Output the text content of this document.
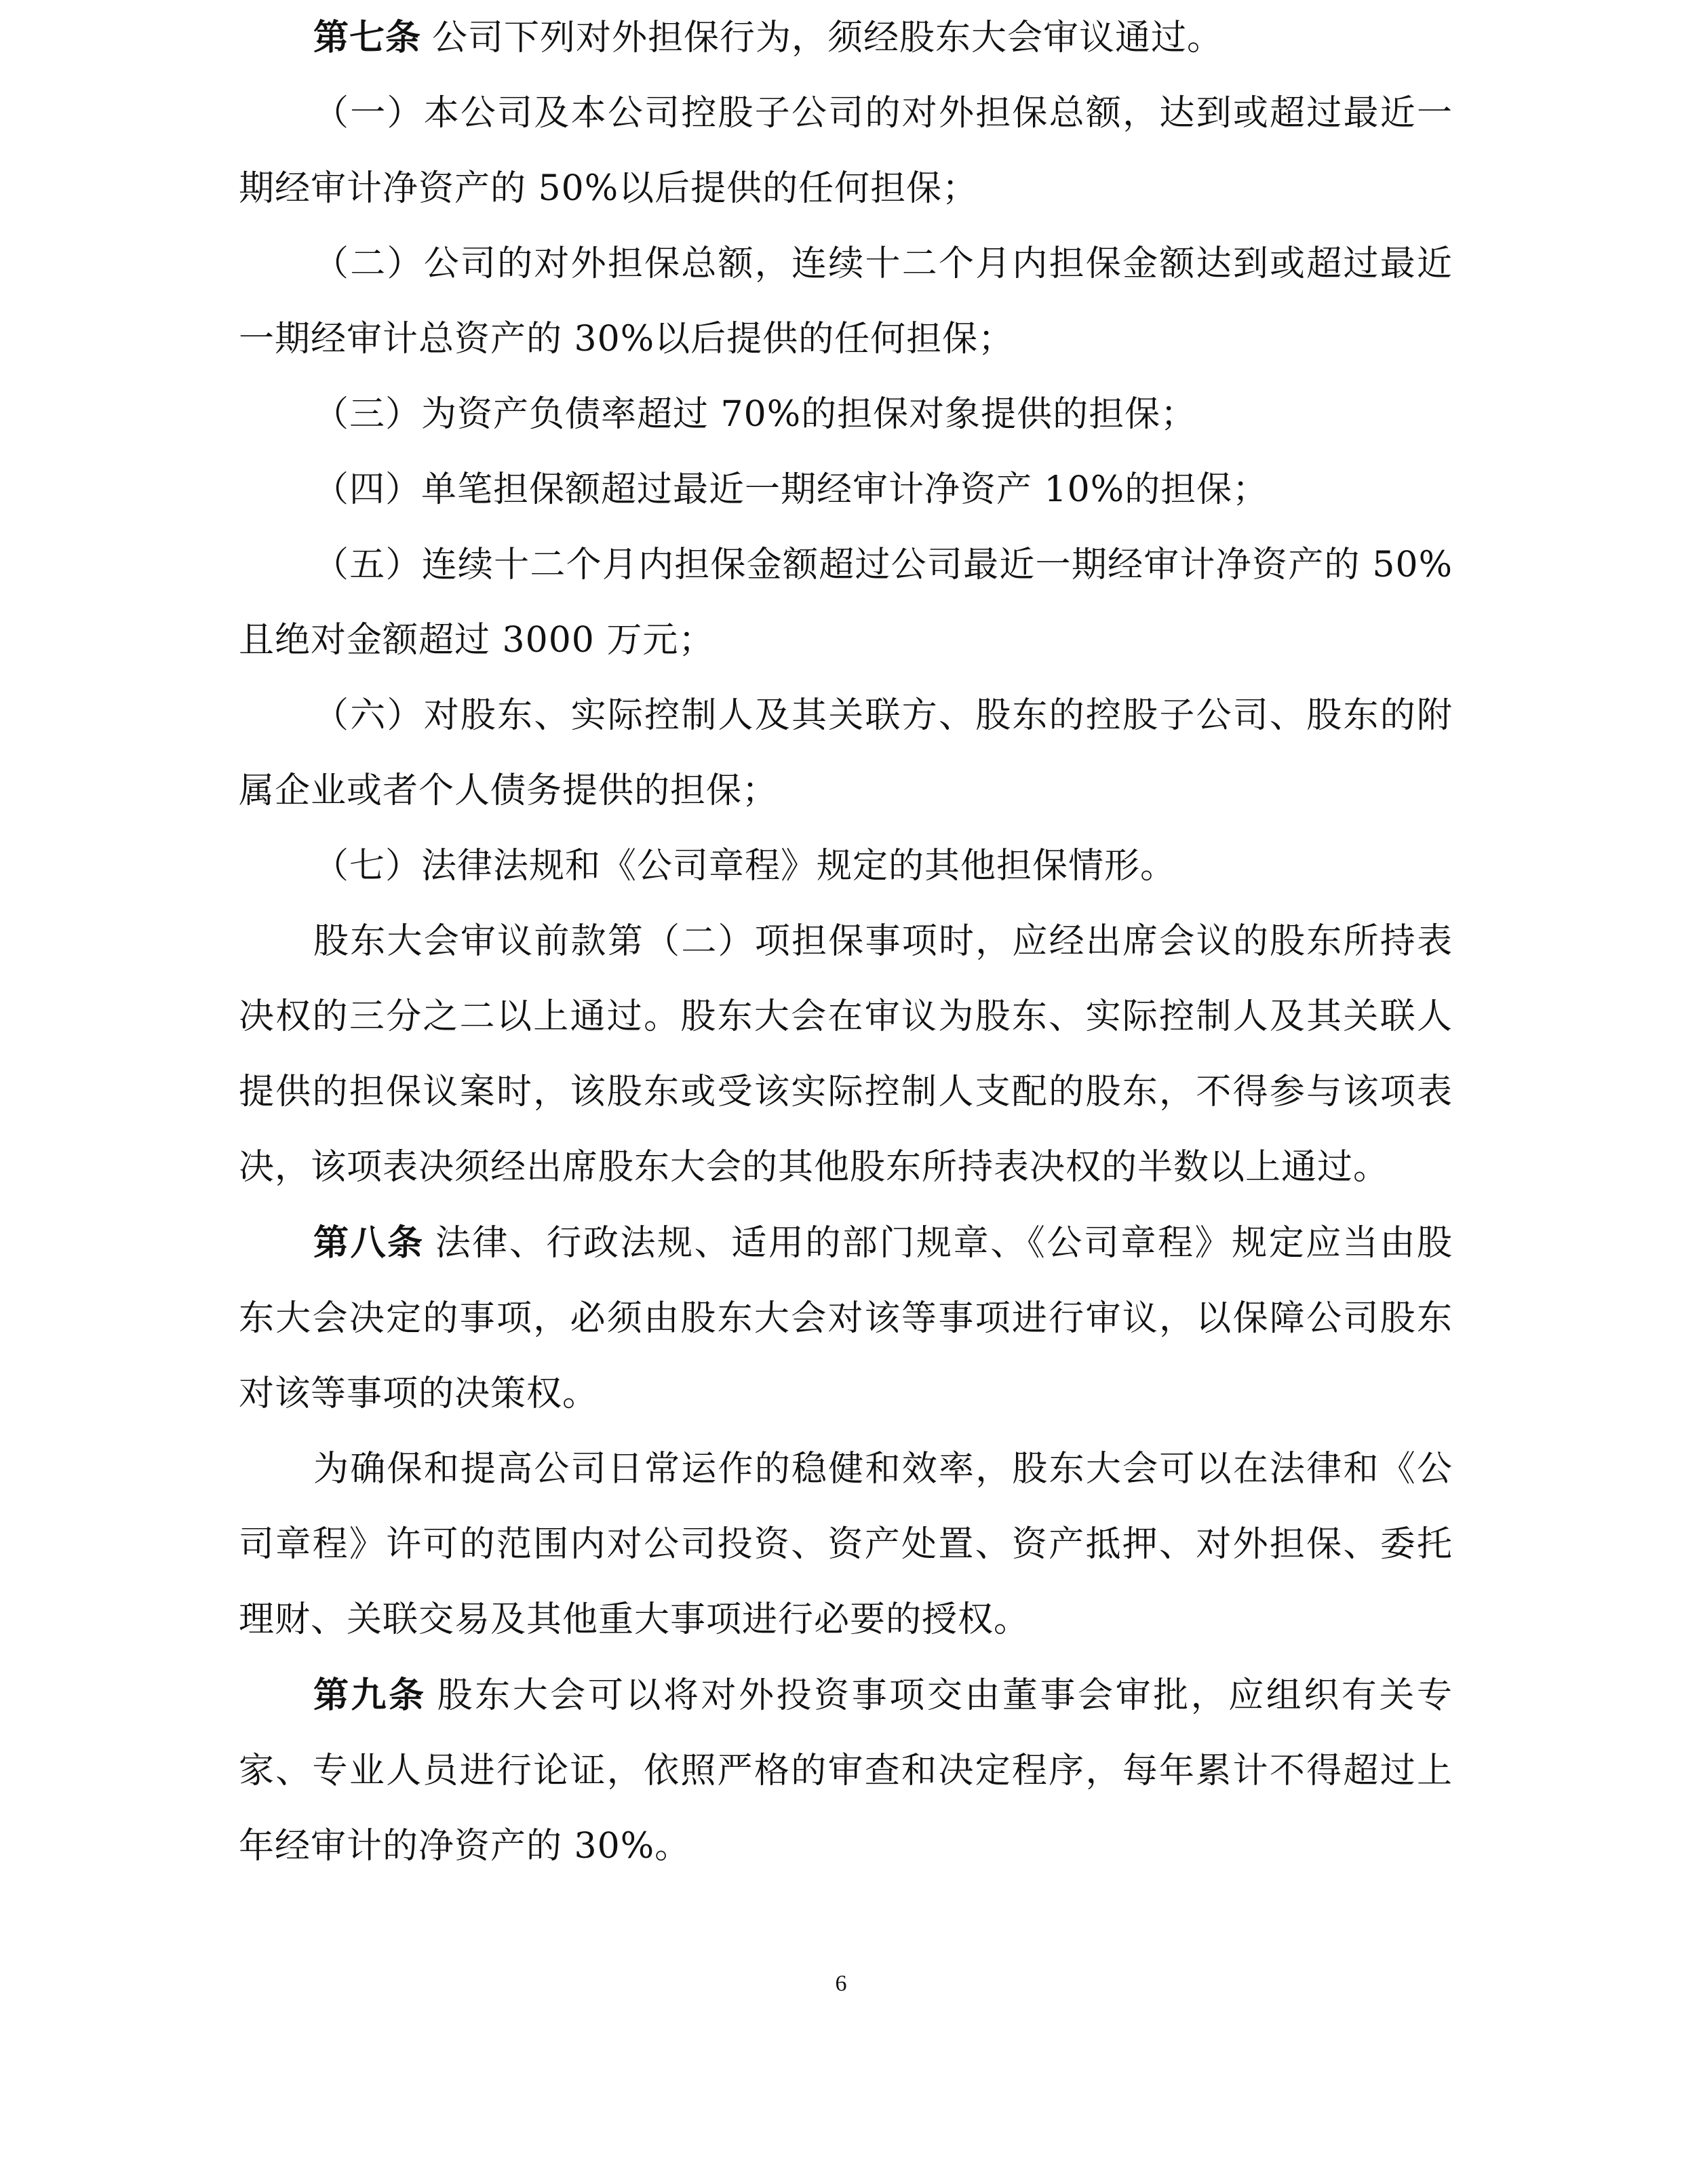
第七条 公司下列对外担保行为，须经股东大会审议通过。

（一）本公司及本公司控股子公司的对外担保总额，达到或超过最近一期经审计净资产的 50%以后提供的任何担保；

（二）公司的对外担保总额，连续十二个月内担保金额达到或超过最近一期经审计总资产的 30%以后提供的任何担保；

（三）为资产负债率超过 70%的担保对象提供的担保；

（四）单笔担保额超过最近一期经审计净资产 10%的担保；

（五）连续十二个月内担保金额超过公司最近一期经审计净资产的 50%且绝对金额超过 3000 万元；

（六）对股东、实际控制人及其关联方、股东的控股子公司、股东的附属企业或者个人债务提供的担保；

（七）法律法规和《公司章程》规定的其他担保情形。

股东大会审议前款第（二）项担保事项时，应经出席会议的股东所持表决权的三分之二以上通过。股东大会在审议为股东、实际控制人及其关联人提供的担保议案时，该股东或受该实际控制人支配的股东，不得参与该项表决，该项表决须经出席股东大会的其他股东所持表决权的半数以上通过。

第八条 法律、行政法规、适用的部门规章、《公司章程》规定应当由股东大会决定的事项，必须由股东大会对该等事项进行审议，以保障公司股东对该等事项的决策权。

为确保和提高公司日常运作的稳健和效率，股东大会可以在法律和《公司章程》许可的范围内对公司投资、资产处置、资产抵押、对外担保、委托理财、关联交易及其他重大事项进行必要的授权。

第九条 股东大会可以将对外投资事项交由董事会审批，应组织有关专家、专业人员进行论证，依照严格的审查和决定程序，每年累计不得超过上年经审计的净资产的 30%。

6
